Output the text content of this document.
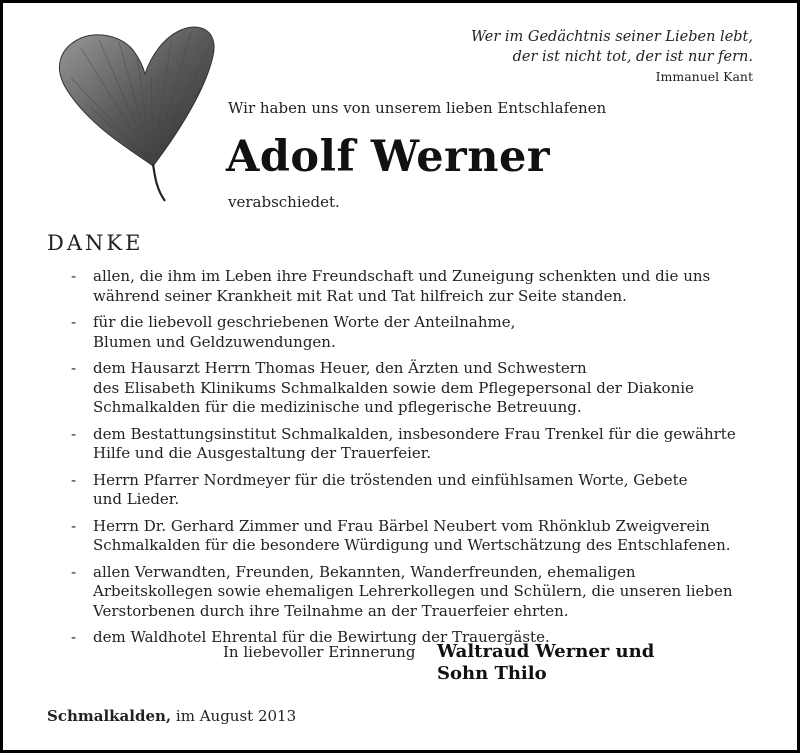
Wer im Gedächtnis seiner Lieben lebt,
der ist nicht tot, der ist nur fern.
Immanuel Kant
Wir haben uns von unserem lieben Entschlafenen
Adolf Werner
verabschiedet.
DANKE
- allen, die ihm im Leben ihre Freundschaft und Zuneigung schenkten und die uns
während seiner Krankheit mit Rat und Tat hilfreich zur Seite standen.
- für die liebevoll geschriebenen Worte der Anteilnahme,
Blumen und Geldzuwendungen.
- dem Hausarzt Herrn Thomas Heuer, den Ärzten und Schwestern
des Elisabeth Klinikums Schmalkalden sowie dem Pflegepersonal der Diakonie
Schmalkalden für die medizinische und pflegerische Betreuung.
- dem Bestattungsinstitut Schmalkalden, insbesondere Frau Trenkel für die gewährte
Hilfe und die Ausgestaltung der Trauerfeier.
- Herrn Pfarrer Nordmeyer für die tröstenden und einfühlsamen Worte, Gebete
und Lieder.
- Herrn Dr. Gerhard Zimmer und Frau Bärbel Neubert vom Rhönklub Zweigverein
Schmalkalden für die besondere Würdigung und Wertschätzung des Entschlafenen.
- allen Verwandten, Freunden, Bekannten, Wanderfreunden, ehemaligen
Arbeitskollegen sowie ehemaligen Lehrerkollegen und Schülern, die unseren lieben
Verstorbenen durch ihre Teilnahme an der Trauerfeier ehrten.
- dem Waldhotel Ehrental für die Bewirtung der Trauergäste.
In liebevoller Erinnerung Waltraud Werner und
Sohn Thilo
Schmalkalden, im August 2013
